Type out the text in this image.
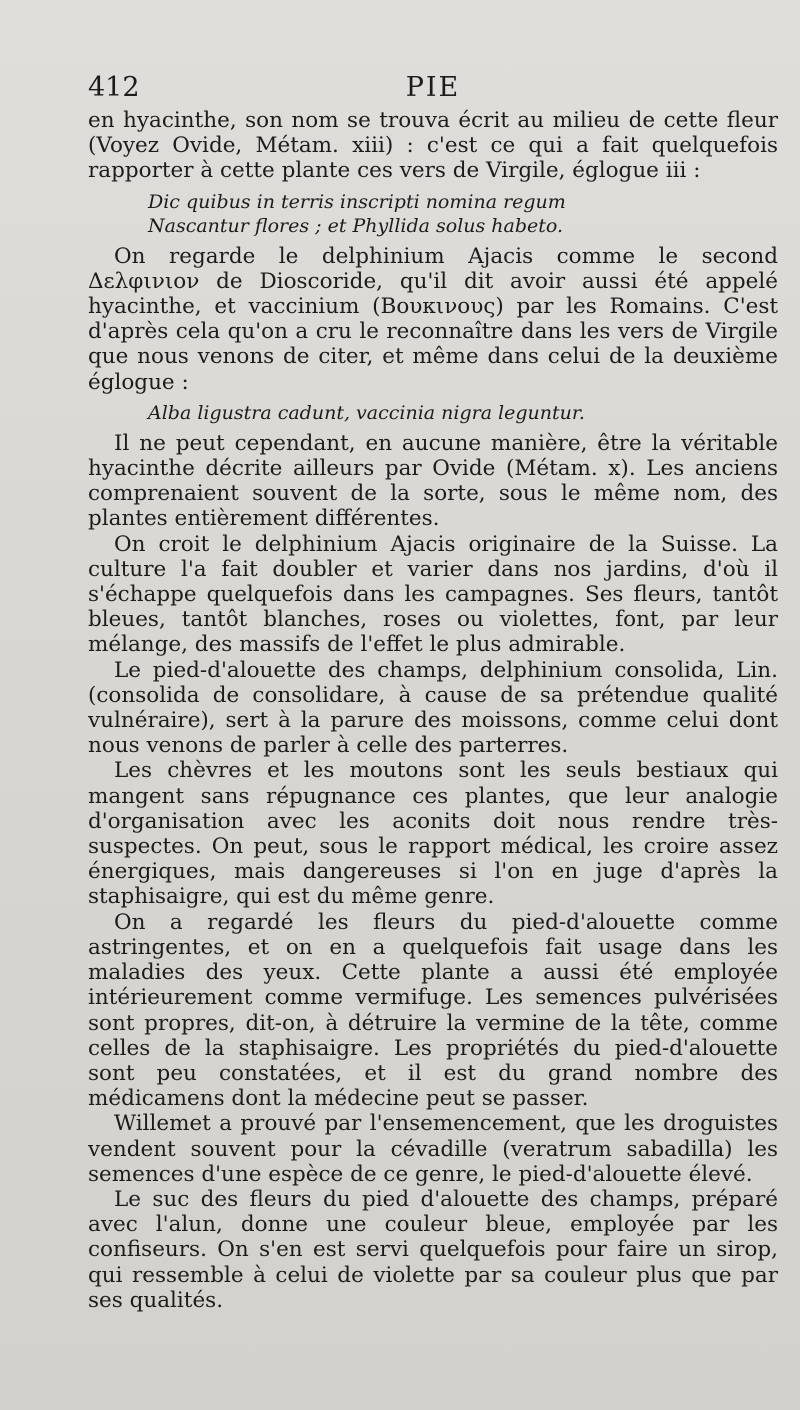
412	PIE

en hyacinthe, son nom se trouva écrit au milieu de cette fleur (Voyez Ovide, Métam. xiii) : c'est ce qui a fait quelquefois rapporter à cette plante ces vers de Virgile, églogue iii :

Dic quibus in terris inscripti nomina regum
Nascantur flores ; et Phyllida solus habeto.

On regarde le delphinium Ajacis comme le second Δελφινιον de Dioscoride, qu'il dit avoir aussi été appelé hyacinthe, et vaccinium (Βουκινους) par les Romains. C'est d'après cela qu'on a cru le reconnaître dans les vers de Virgile que nous venons de citer, et même dans celui de la deuxième églogue :

Alba ligustra cadunt, vaccinia nigra leguntur.

Il ne peut cependant, en aucune manière, être la véritable hyacinthe décrite ailleurs par Ovide (Métam. x). Les anciens comprenaient souvent de la sorte, sous le même nom, des plantes entièrement différentes.

On croit le delphinium Ajacis originaire de la Suisse. La culture l'a fait doubler et varier dans nos jardins, d'où il s'échappe quelquefois dans les campagnes. Ses fleurs, tantôt bleues, tantôt blanches, roses ou violettes, font, par leur mélange, des massifs de l'effet le plus admirable.

Le pied-d'alouette des champs, delphinium consolida, Lin. (consolida de consolidare, à cause de sa prétendue qualité vulnéraire), sert à la parure des moissons, comme celui dont nous venons de parler à celle des parterres.

Les chèvres et les moutons sont les seuls bestiaux qui mangent sans répugnance ces plantes, que leur analogie d'organisation avec les aconits doit nous rendre très-suspectes. On peut, sous le rapport médical, les croire assez énergiques, mais dangereuses si l'on en juge d'après la staphisaigre, qui est du même genre.

On a regardé les fleurs du pied-d'alouette comme astringentes, et on en a quelquefois fait usage dans les maladies des yeux. Cette plante a aussi été employée intérieurement comme vermifuge. Les semences pulvérisées sont propres, dit-on, à détruire la vermine de la tête, comme celles de la staphisaigre. Les propriétés du pied-d'alouette sont peu constatées, et il est du grand nombre des médicamens dont la médecine peut se passer.

Willemet a prouvé par l'ensemencement, que les droguistes vendent souvent pour la cévadille (veratrum sabadilla) les semences d'une espèce de ce genre, le pied-d'alouette élevé.

Le suc des fleurs du pied d'alouette des champs, préparé avec l'alun, donne une couleur bleue, employée par les confiseurs. On s'en est servi quelquefois pour faire un sirop, qui ressemble à celui de violette par sa couleur plus que par ses qualités.
